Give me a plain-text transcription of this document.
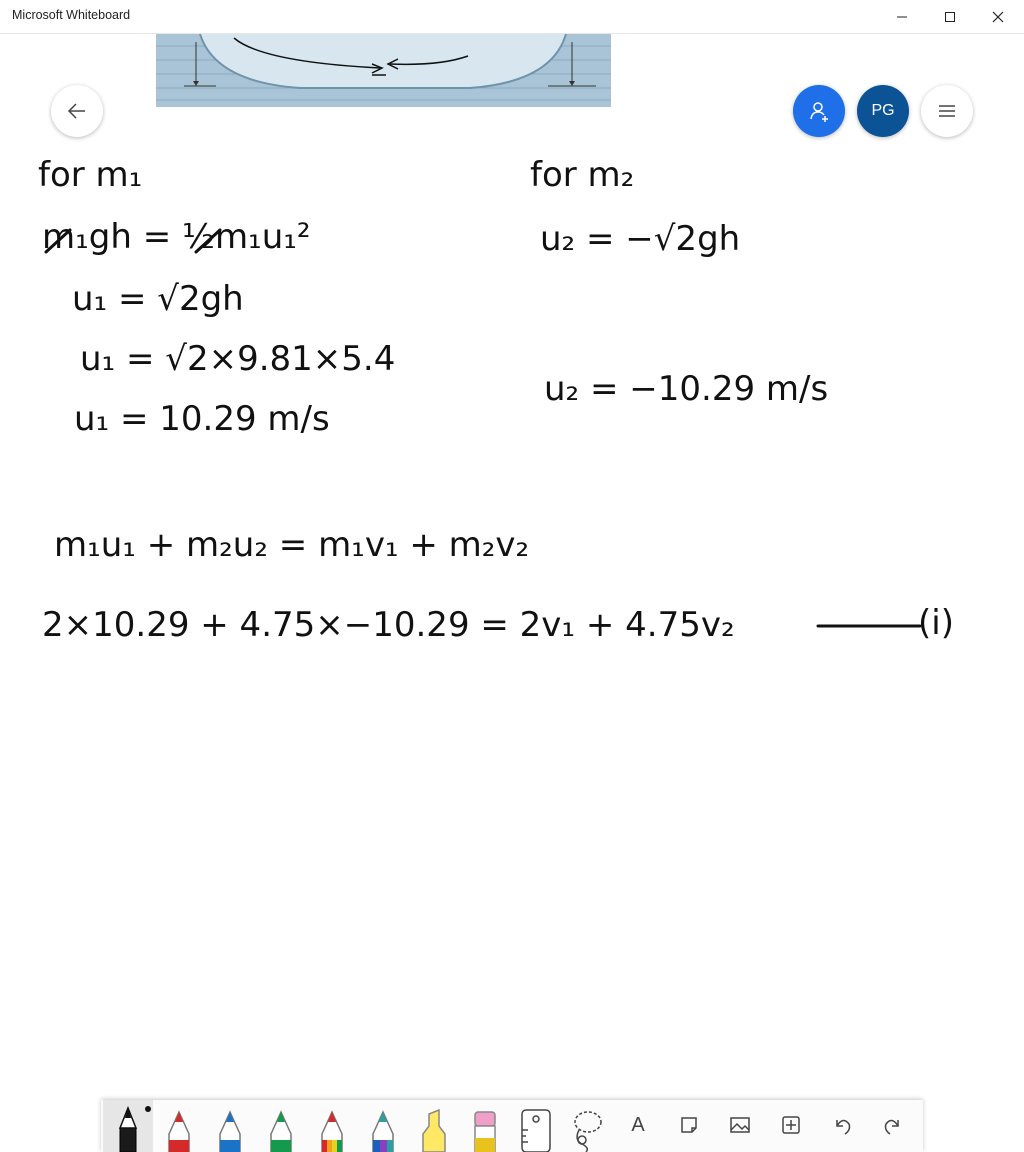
Microsoft Whiteboard
for m₁
m₁gh = ½m₁u₁²
u₁ = √2gh
u₁ = √2×9.81×5.4
u₁ = 10.29 m/s
for m₂
u₂ = −√2gh
u₂ = −10.29 m/s
m₁u₁ + m₂u₂ = m₁v₁ + m₂v₂
2×10.29 + 4.75×−10.29 = 2v₁ + 4.75v₂	(i)
PG
A
